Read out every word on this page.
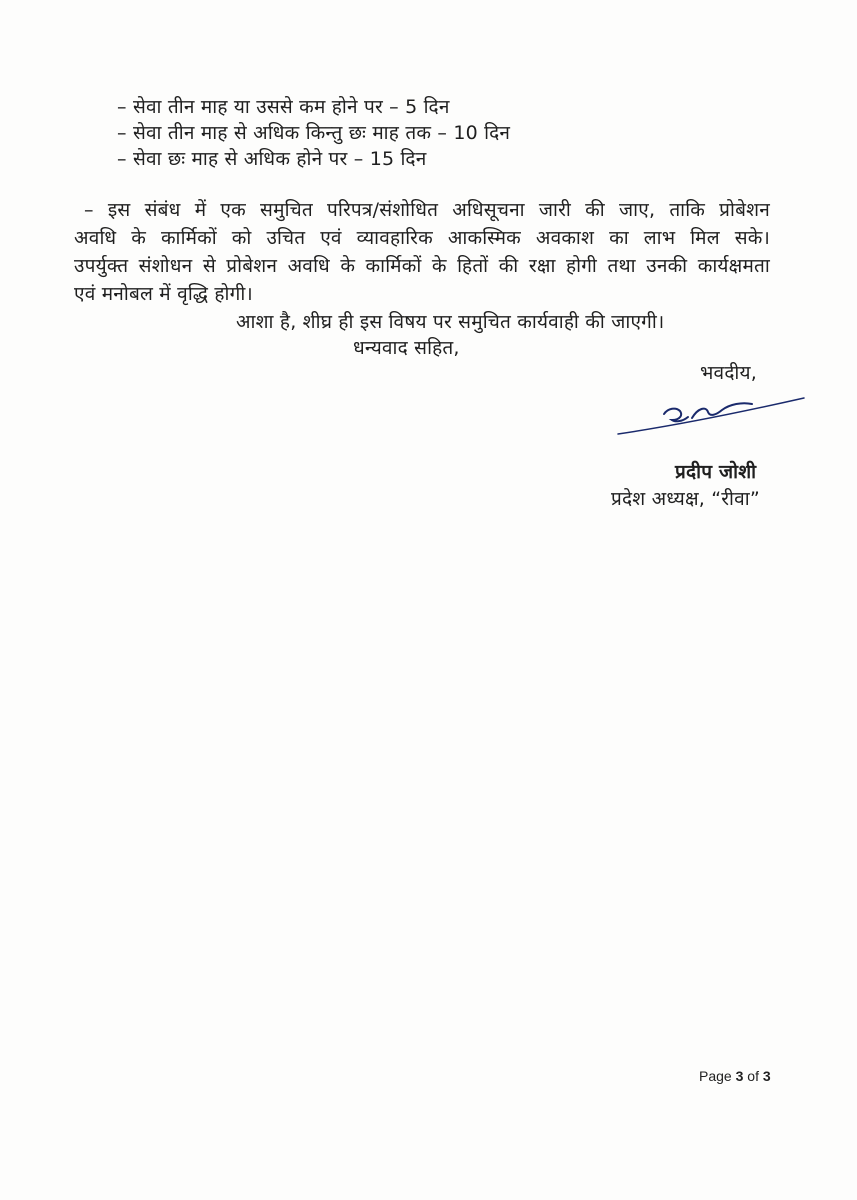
– सेवा तीन माह या उससे कम होने पर – 5 दिन
– सेवा तीन माह से अधिक किन्तु छः माह तक – 10 दिन
– सेवा छः माह से अधिक होने पर – 15 दिन
– इस संबंध में एक समुचित परिपत्र/संशोधित अधिसूचना जारी की जाए, ताकि प्रोबेशन
अवधि के कार्मिकों को उचित एवं व्यावहारिक आकस्मिक अवकाश का लाभ मिल सके।
उपर्युक्त संशोधन से प्रोबेशन अवधि के कार्मिकों के हितों की रक्षा होगी तथा उनकी कार्यक्षमता
एवं मनोबल में वृद्धि होगी।
आशा है, शीघ्र ही इस विषय पर समुचित कार्यवाही की जाएगी।
धन्यवाद सहित,
भवदीय,
प्रदीप जोशी
प्रदेश अध्यक्ष, “रीवा”
Page 3 of 3
